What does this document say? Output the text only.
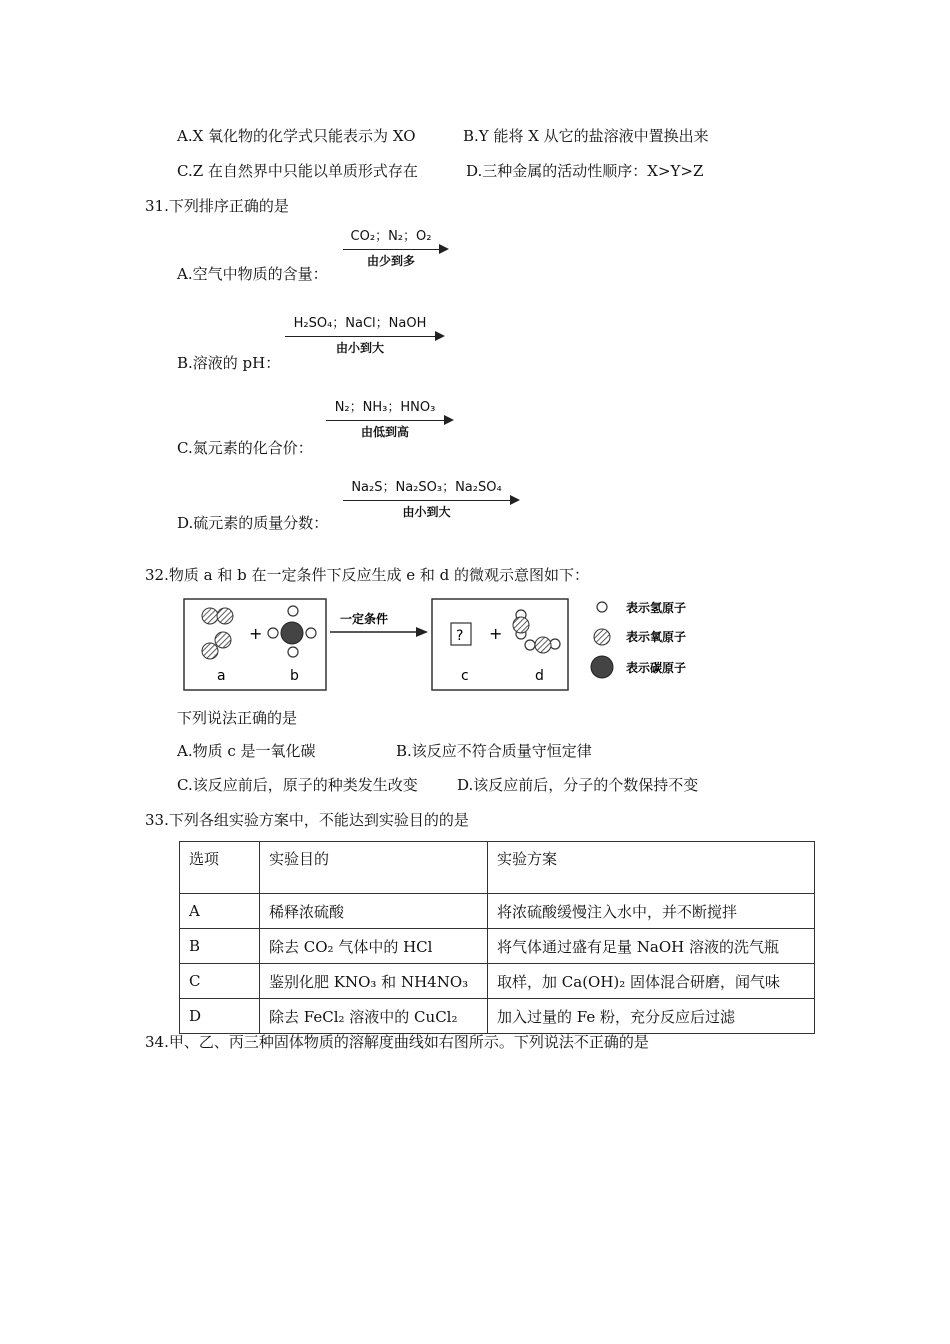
A.X 氧化物的化学式只能表示为 XO	B.Y 能将 X 从它的盐溶液中置换出来
C.Z 在自然界中只能以单质形式存在	D.三种金属的活动性顺序：X>Y>Z
31.下列排序正确的是
A.空气中物质的含量：
CO₂；N₂；O₂
由少到多
B.溶液的 pH：
H₂SO₄；NaCl；NaOH
由小到大
C.氮元素的化合价：
N₂；NH₃；HNO₃
由低到高
D.硫元素的质量分数：
Na₂S；Na₂SO₃；Na₂SO₄
由小到大
32.物质 a 和 b 在一定条件下反应生成 e 和 d 的微观示意图如下：
+
a	b
一定条件
? +
c	d
表示氢原子
表示氧原子
表示碳原子
下列说法正确的是
A.物质 c 是一氧化碳	B.该反应不符合质量守恒定律
C.该反应前后，原子的种类发生改变	D.该反应前后，分子的个数保持不变
33.下列各组实验方案中，不能达到实验目的的是
选项	实验目的	实验方案
A	稀释浓硫酸	将浓硫酸缓慢注入水中，并不断搅拌
B	除去 CO₂ 气体中的 HCl	将气体通过盛有足量 NaOH 溶液的洗气瓶
C	鉴别化肥 KNO₃ 和 NH4NO₃	取样，加 Ca(OH)₂ 固体混合研磨，闻气味
D	除去 FeCl₂ 溶液中的 CuCl₂	加入过量的 Fe 粉，充分反应后过滤
34.甲、乙、丙三种固体物质的溶解度曲线如右图所示。下列说法不正确的是
